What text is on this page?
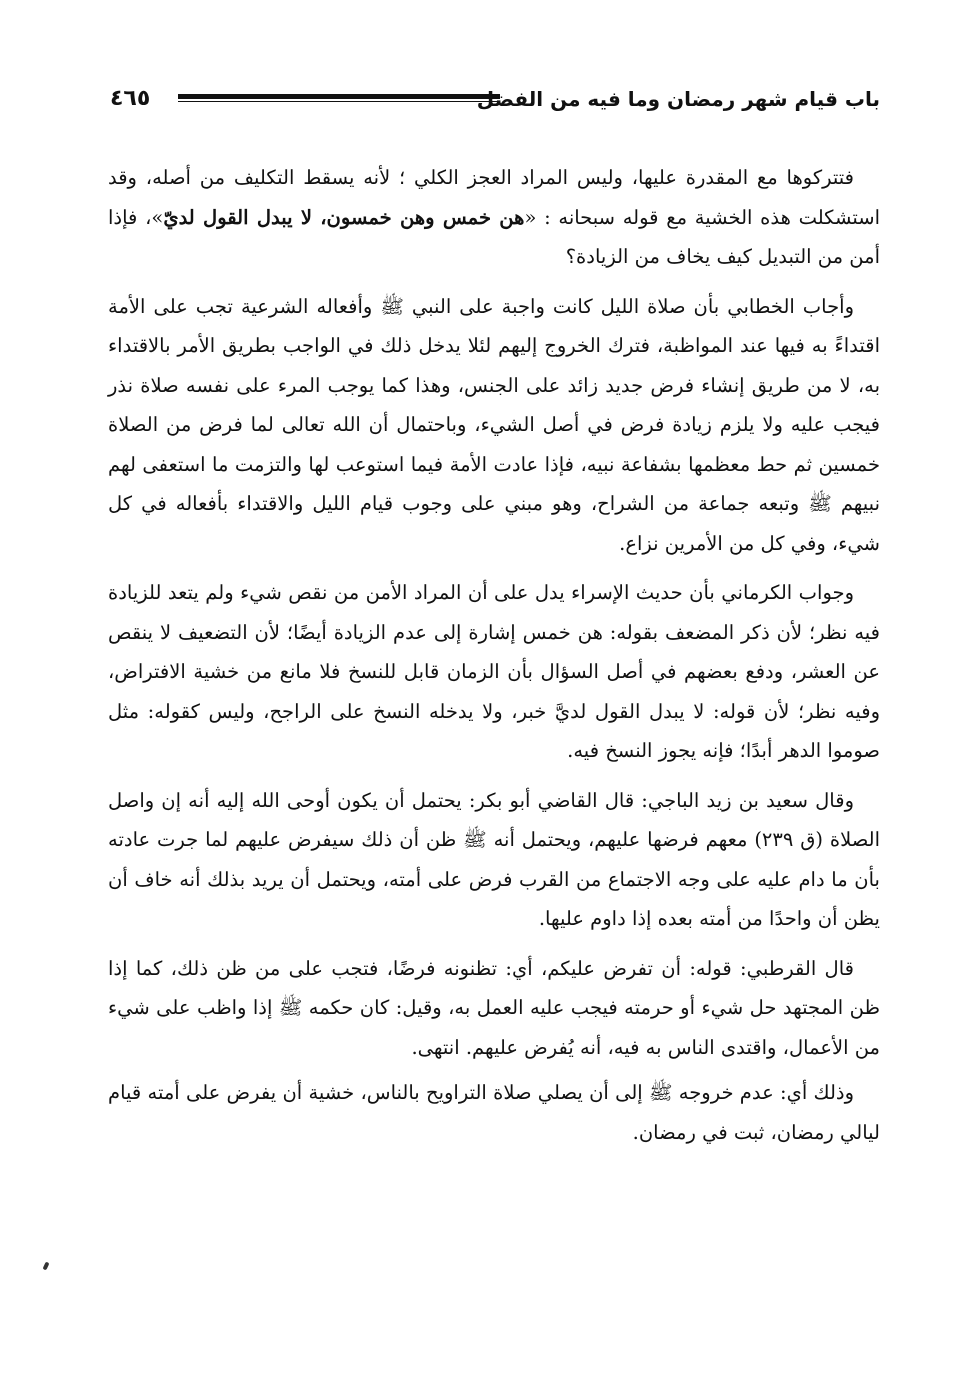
باب قيام شهر رمضان وما فيه من الفضل
٤٦٥

فتتركوها مع المقدرة عليها، وليس المراد العجز الكلي ؛ لأنه يسقط التكليف من أصله، وقد استشكلت هذه الخشية مع قوله سبحانه : «هن خمس وهن خمسون، لا يبدل القول لديّ»، فإذا أمن من التبديل كيف يخاف من الزيادة؟

وأجاب الخطابي بأن صلاة الليل كانت واجبة على النبي ﷺ وأفعاله الشرعية تجب على الأمة اقتداءً به فيها عند المواظبة، فترك الخروج إليهم لئلا يدخل ذلك في الواجب بطريق الأمر بالاقتداء به، لا من طريق إنشاء فرض جديد زائد على الجنس، وهذا كما يوجب المرء على نفسه صلاة نذر فيجب عليه ولا يلزم زيادة فرض في أصل الشيء، وباحتمال أن الله تعالى لما فرض من الصلاة خمسين ثم حط معظمها بشفاعة نبيه، فإذا عادت الأمة فيما استوعب لها والتزمت ما استعفى لهم نبيهم ﷺ وتبعه جماعة من الشراح، وهو مبني على وجوب قيام الليل والاقتداء بأفعاله في كل شيء، وفي كل من الأمرين نزاع.

وجواب الكرماني بأن حديث الإسراء يدل على أن المراد الأمن من نقص شيء ولم يتعد للزيادة فيه نظر؛ لأن ذكر المضعف بقوله: هن خمس إشارة إلى عدم الزيادة أيضًا؛ لأن التضعيف لا ينقص عن العشر، ودفع بعضهم في أصل السؤال بأن الزمان قابل للنسخ فلا مانع من خشية الافتراض، وفيه نظر؛ لأن قوله: لا يبدل القول لديَّ خبر، ولا يدخله النسخ على الراجح، وليس كقوله: مثل صوموا الدهر أبدًا؛ فإنه يجوز النسخ فيه.

وقال سعيد بن زيد الباجي: قال القاضي أبو بكر: يحتمل أن يكون أوحى الله إليه أنه إن واصل الصلاة (ق ٢٣٩) معهم فرضها عليهم، ويحتمل أنه ﷺ ظن أن ذلك سيفرض عليهم لما جرت عادته بأن ما دام عليه على وجه الاجتماع من القرب فرض على أمته، ويحتمل أن يريد بذلك أنه خاف أن يظن أن واحدًا من أمته بعده إذا داوم عليها.

قال القرطبي: قوله: أن تفرض عليكم، أي: تظنونه فرضًا، فتجب على من ظن ذلك، كما إذا ظن المجتهد حل شيء أو حرمته فيجب عليه العمل به، وقيل: كان حكمه ﷺ إذا واظب على شيء من الأعمال، واقتدى الناس به فيه، أنه يُفرض عليهم. انتهى.

وذلك أي: عدم خروجه ﷺ إلى أن يصلي صلاة التراويح بالناس، خشية أن يفرض على أمته قيام ليالي رمضان، ثبت في رمضان.
